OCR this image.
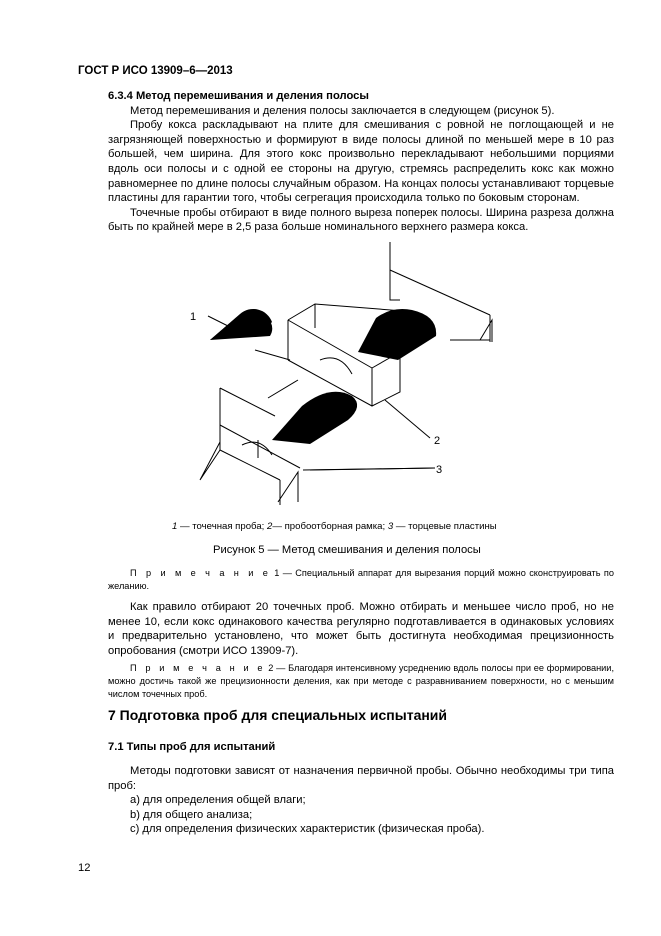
ГОСТ Р ИСО 13909–6—2013

6.3.4 Метод перемешивания и деления полосы

Метод перемешивания и деления полосы заключается в следующем (рисунок 5).

Пробу кокса раскладывают на плите для смешивания с ровной не поглощающей и не загрязняющей поверхностью и формируют в виде полосы длиной по меньшей мере в 10 раз большей, чем ширина. Для этого кокс произвольно перекладывают небольшими порциями вдоль оси полосы и с одной ее стороны на другую, стремясь распределить кокс как можно равномернее по длине полосы случайным образом. На концах полосы устанавливают торцевые пластины для гарантии того, чтобы сегрегация происходила только по боковым сторонам.

Точечные пробы отбирают в виде полного выреза поперек полосы. Ширина разреза должна быть по крайней мере в 2,5 раза больше номинального верхнего размера кокса.

1
2
3
1 — точечная проба; 2— пробоотборная рамка; 3 — торцевые пластины
Рисунок 5 — Метод смешивания и деления полосы

П р и м е ч а н и е 1 — Специальный аппарат для вырезания порций можно сконструировать по желанию.

Как правило отбирают 20 точечных проб. Можно отбирать и меньшее число проб, но не менее 10, если кокс одинакового качества регулярно подготавливается в одинаковых условиях и предварительно установлено, что может быть достигнута необходимая прецизионность опробования (смотри ИСО 13909-7).

П р и м е ч а н и е 2 — Благодаря интенсивному усреднению вдоль полосы при ее формировании, можно достичь такой же прецизионности деления, как при методе с разравниванием поверхности, но с меньшим числом точечных проб.

7 Подготовка проб для специальных испытаний
7.1 Типы проб для испытаний

Методы подготовки зависят от назначения первичной пробы. Обычно необходимы три типа проб:

a) для определения общей влаги;

b) для общего анализа;

c) для определения физических характеристик (физическая проба).

12
